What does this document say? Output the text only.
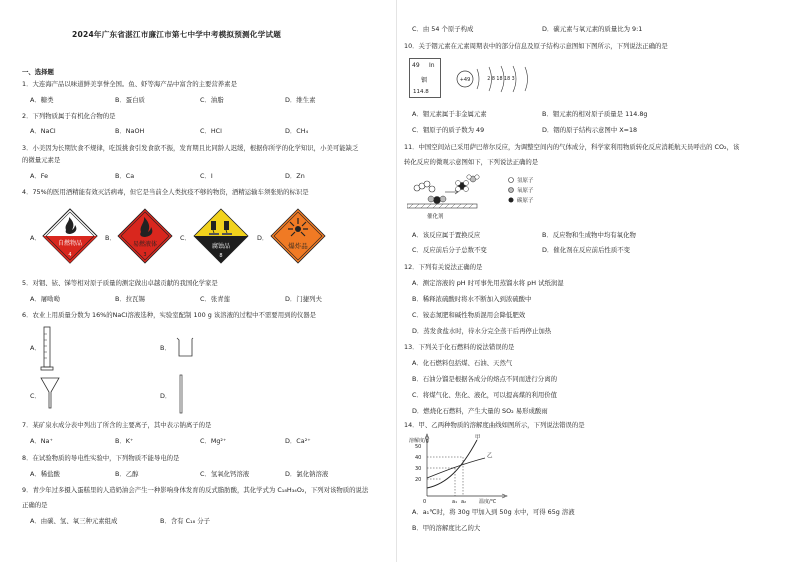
2024年广东省湛江市廉江市第七中学中考模拟预测化学试题
一、选择题
1．大连海产品以味道鲜美享誉全国。鱼、虾等海产品中富含的主要营养素是
A．糖类	B．蛋白质	C．油脂	D．维生素
2．下列物质属于有机化合物的是
A．NaCl	B．NaOH	C．HCl	D．CH₄
3．小美因为长期饮食不规律，吃饭挑食引发食欲不振，发育期且比同龄人迟缓，根据你所学的化学知识，小美可能缺乏
的微量元素是
A．Fe	B．Ca	C．I	D．Zn
4．75%的医用酒精能有效灭活病毒，但它是当前全人类抗疫不够的物资，酒精运输车须张贴的标识是
A．	B．	C．	D．
自燃物品
4
易燃液体
3
腐蚀品
8
爆炸品
5．对铟、铱、锑等相对原子质量的测定做出卓越贡献的我国化学家是
A．屠呦呦	B．拉瓦锡	C．张青莲	D．门捷列夫
6．农业上用质量分数为 16%的NaCl溶液选种，实验室配制 100 g 该溶液的过程中不需要用到的仪器是
A．	B．
C．	D．
7．某矿泉水成分表中列出了所含的主要离子，其中表示钠离子的是
A．Na⁺	B．K⁺	C．Mg²⁺	D．Ca²⁺
8．在试验物质的导电性实验中，下列物质不能导电的是
A．稀盐酸	B．乙醇	C．氢氧化钙溶液	D．氯化钠溶液
9．青少年过多摄入蛋糕里的人造奶油会产生一种影响身体发育的反式脂肪酸，其化学式为 C₁₈H₃₄O₂，下列对该物质的说法
正确的是
A．由碳、氢、氧三种元素组成	B．含有 C₁₈ 分子
C．由 54 个原子构成	D．碳元素与氧元素的质量比为 9:1
10．关于铟元素在元素周期表中的部分信息及原子结构示意图如下图所示，下列说法正确的是
49 In
铟
114.8
+49	2 8 18 18 3
A．铟元素属于非金属元素	B．铟元素的相对原子质量是 114.8g
C．铟原子的质子数为 49	D．铟的原子结构示意图中 X=18
11．中国空间站已采用萨巴蒂尔反应，为调整空间内的气体成分，科学家利用物质转化反应消耗航天员呼出的 CO₂，该
转化反应的微观示意图如下，下列说法正确的是
催化剂
氢原子
氧原子
碳原子
A．该反应属于置换反应	B．反应物和生成物中均有氧化物
C．反应前后分子总数不变	D．催化剂在反应前后性质不变
12．下列有关说法正确的是
A．测定溶液的 pH 时可事先用蒸馏水将 pH 试纸润湿
B．稀释浓硫酸时将水不断加入到浓硫酸中
C．铵态氮肥和碱性物质混用会降低肥效
D．蒸发食盐水时，待水分完全蒸干后再停止加热
13．下列关于化石燃料的说法错误的是
A．化石燃料包括煤、石油、天然气
B．石油分馏是根据各成分的熔点不同而进行分离的
C．将煤气化、焦化、液化，可以提高煤的利用价值
D．燃烧化石燃料，产生大量的 SO₂ 易形成酸雨
14．甲、乙两种物质的溶解度曲线如图所示，下列说法错误的是
溶解度/g
50
40
30
20
甲
乙
0	a₁ a₂	温度/℃
A．a₁℃时，将 30g 甲加入到 50g 水中，可得 65g 溶液
B．甲的溶解度比乙的大
